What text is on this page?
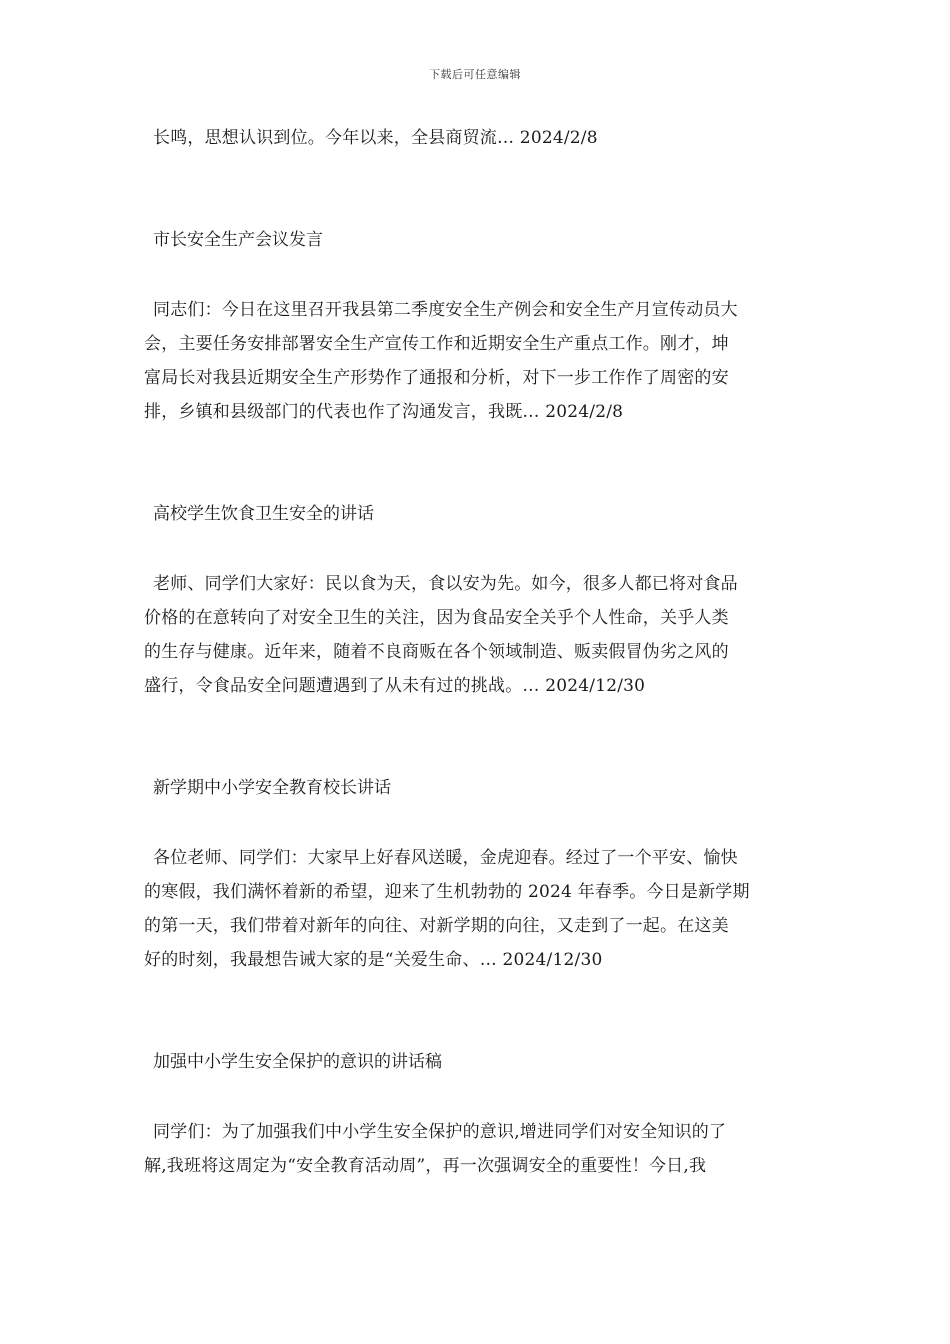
下载后可任意编辑
长鸣，思想认识到位。今年以来，全县商贸流… 2024/2/8
市长安全生产会议发言
同志们：今日在这里召开我县第二季度安全生产例会和安全生产月宣传动员大
会，主要任务安排部署安全生产宣传工作和近期安全生产重点工作。刚才，坤
富局长对我县近期安全生产形势作了通报和分析，对下一步工作作了周密的安
排，乡镇和县级部门的代表也作了沟通发言，我既… 2024/2/8
高校学生饮食卫生安全的讲话
老师、同学们大家好：民以食为天，食以安为先。如今，很多人都已将对食品
价格的在意转向了对安全卫生的关注，因为食品安全关乎个人性命，关乎人类
的生存与健康。近年来，随着不良商贩在各个领域制造、贩卖假冒伪劣之风的
盛行，令食品安全问题遭遇到了从未有过的挑战。… 2024/12/30
新学期中小学安全教育校长讲话
各位老师、同学们：大家早上好春风送暖，金虎迎春。经过了一个平安、愉快
的寒假，我们满怀着新的希望，迎来了生机勃勃的 2024 年春季。今日是新学期
的第一天，我们带着对新年的向往、对新学期的向往，又走到了一起。在这美
好的时刻，我最想告诫大家的是“关爱生命、… 2024/12/30
加强中小学生安全保护的意识的讲话稿
同学们：为了加强我们中小学生安全保护的意识,增进同学们对安全知识的了
解,我班将这周定为“安全教育活动周”，再一次强调安全的重要性！今日,我
